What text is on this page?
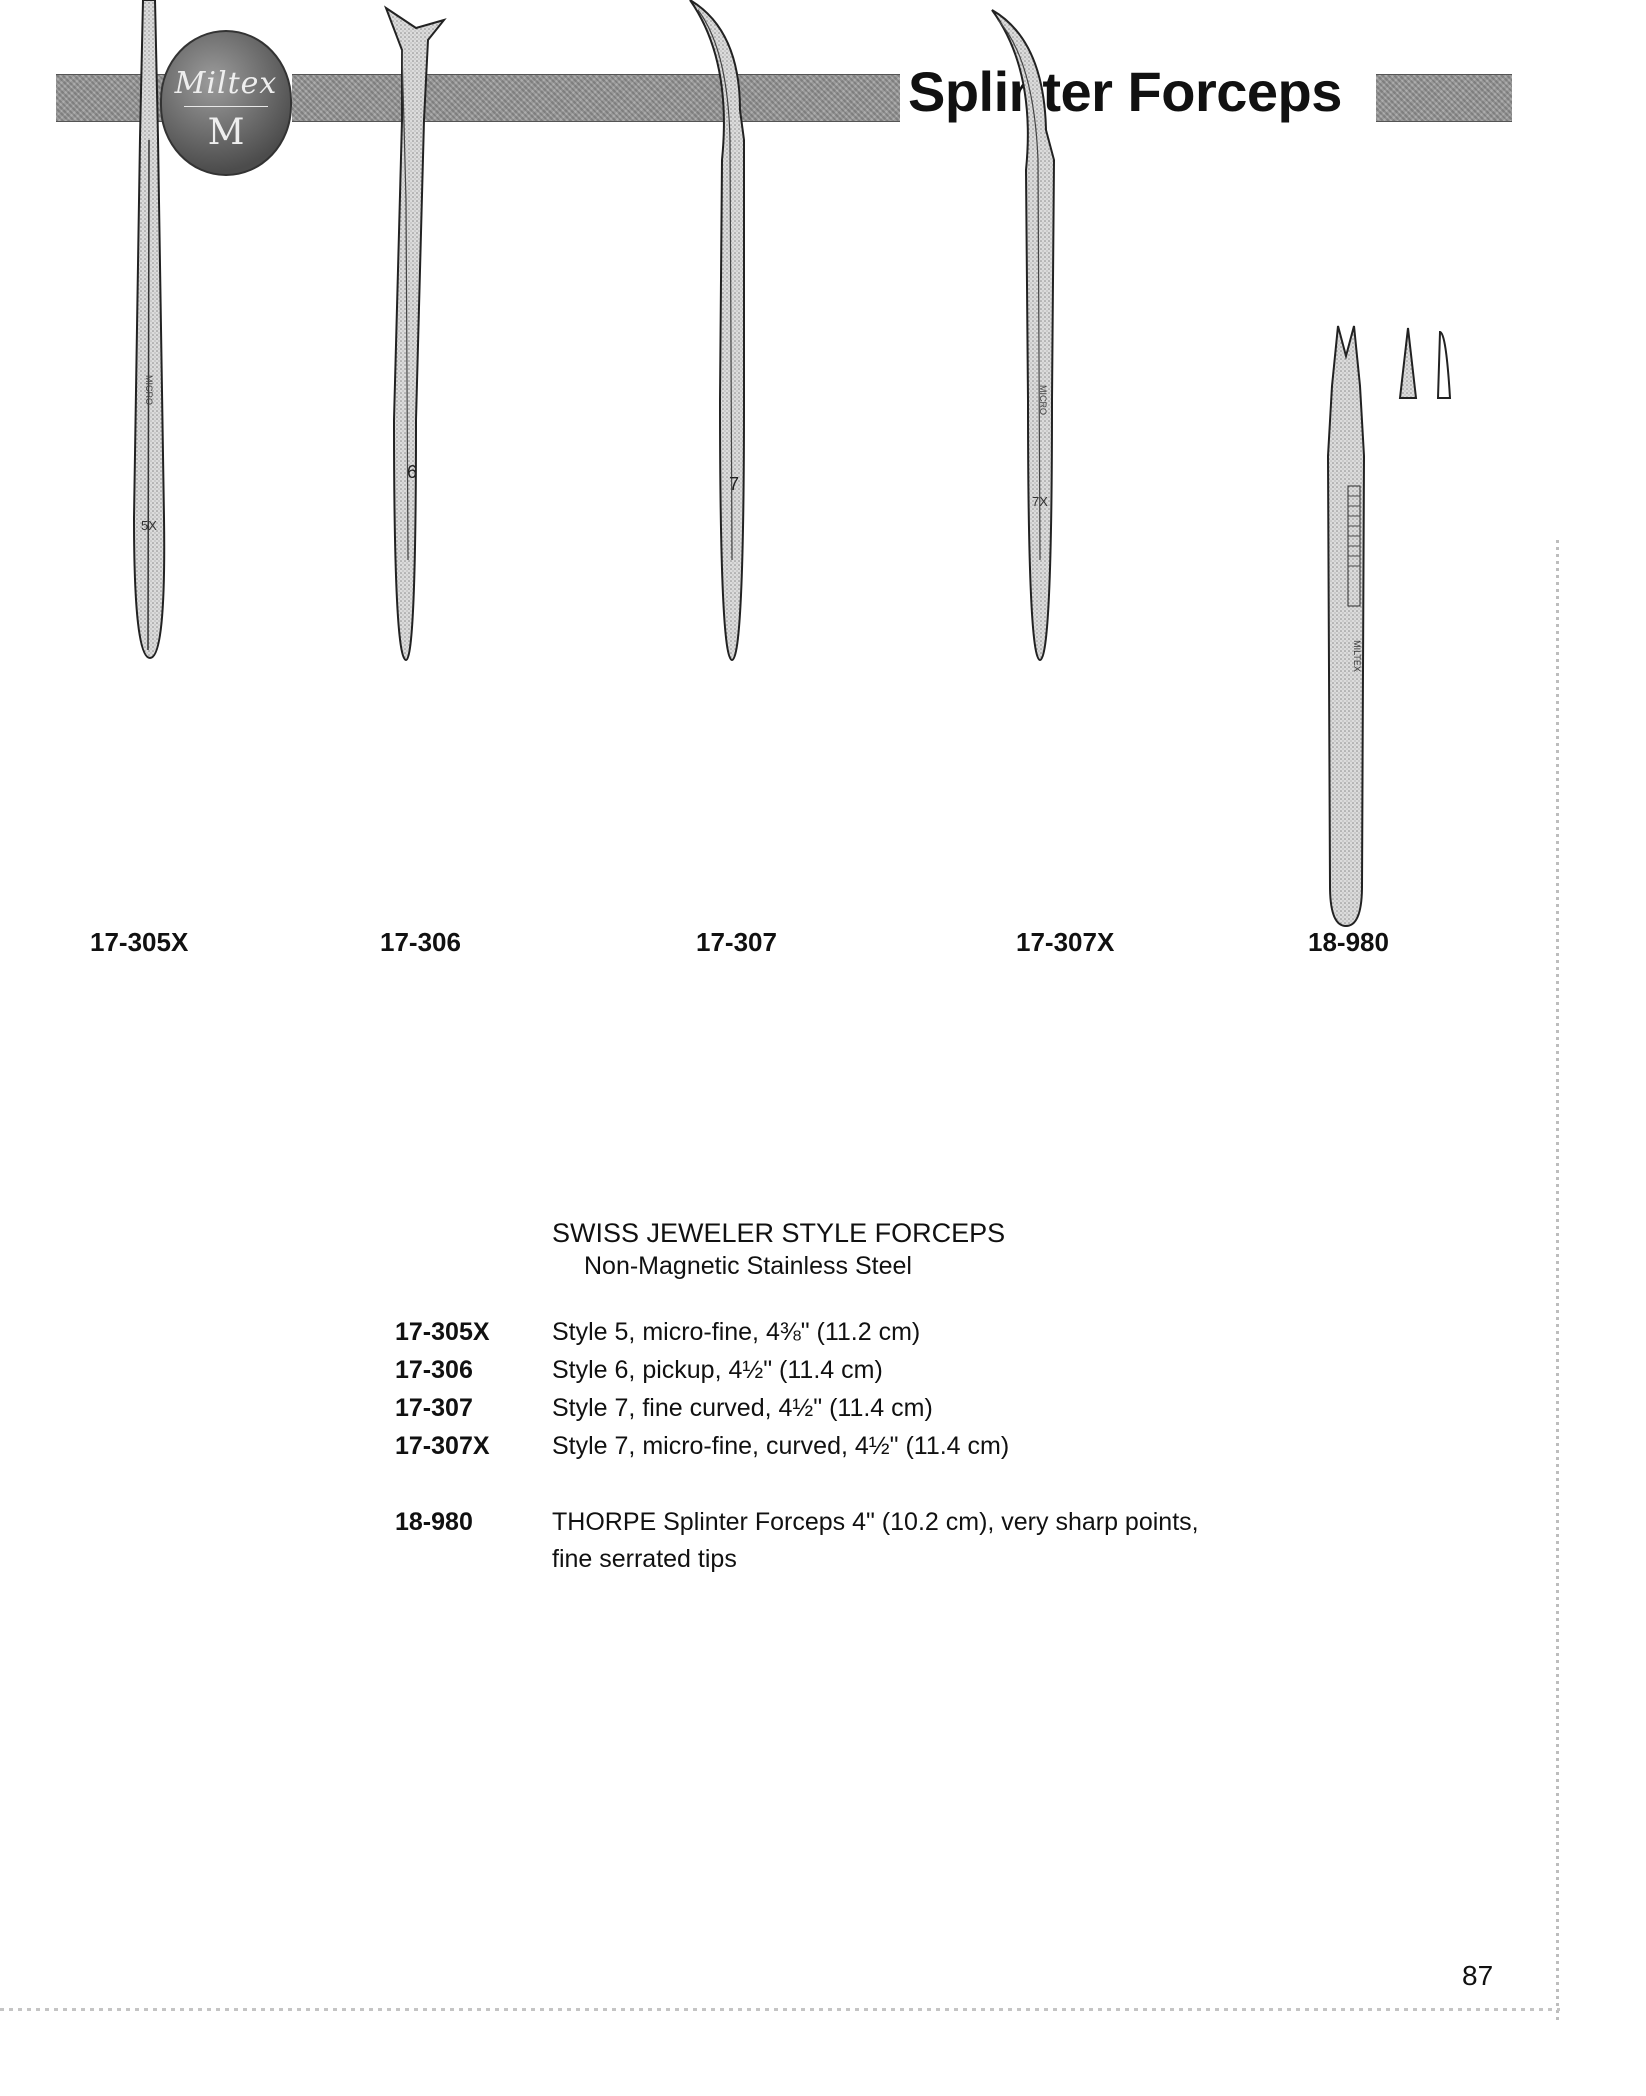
Miltex
M
Splinter Forceps
5X
MICRO
6
7
7X
MICRO
MILTEX
17-305X	17-306	17-307	17-307X	18-980
SWISS JEWELER STYLE FORCEPS
Non-Magnetic Stainless Steel
17-305X Style 5, micro-fine, 4⅜" (11.2 cm)
17-306	Style 6, pickup, 4½" (11.4 cm)
17-307	Style 7, fine curved, 4½" (11.4 cm)
17-307X Style 7, micro-fine, curved, 4½" (11.4 cm)
18-980	THORPE Splinter Forceps 4" (10.2 cm), very sharp points,
fine serrated tips
87
